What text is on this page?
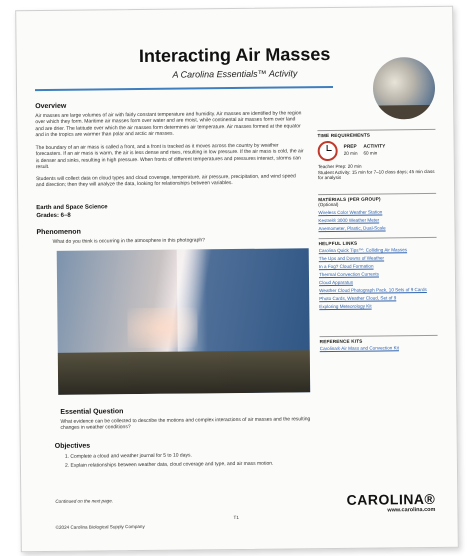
Interacting Air Masses
A Carolina Essentials™ Activity
Overview
Air masses are large volumes of air with fairly constant temperature and humidity. Air masses are identified by the region over which they form. Maritime air masses form over water and are moist, while continental air masses form over land and are drier. The latitude over which the air masses form determines air temperature. Air masses formed at the equator and in the tropics are warmer than polar and arctic air masses.
The boundary of an air mass is called a front, and a front is tracked as it moves across the country by weather forecasters. If an air mass is warm, the air is less dense and rises, resulting in low pressure. If the air mass is cold, the air is denser and sinks, resulting in high pressure. When fronts of different temperatures and pressures interact, storms can result.
Students will collect data on cloud types and cloud coverage, temperature, air pressure, precipitation, and wind speed and direction; then they will analyze the data, looking for relationships between variables.
Earth and Space Science
Grades: 6–8
Phenomenon
What do you think is occurring in the atmosphere in this photograph?
Essential Question
What evidence can be collected to describe the motions and complex interactions of air masses and the resulting changes in weather conditions?
Objectives
1. Complete a cloud and weather journal for 5 to 10 days.
2. Explain relationships between weather data, cloud coverage and type, and air mass motion.
TIME REQUIREMENTS
PREP
20 min
ACTIVITY
60 min
Teacher Prep: 20 min
Student Activity: 15 min for 7–10 class days; 45 min class for analysis
MATERIALS (PER GROUP)
(Optional)
Wireless Color Weather Station
Kestrel® 3000 Weather Meter
Anemometer, Plastic, Dual-Scale
HELPFUL LINKS
Carolina Quick Tips™: Colliding Air Masses
The Ups and Downs of Weather
In a Fog? Cloud Formation
Thermal Convection Currents
Cloud Apparatus
Weather Cloud Photograph Pack, 10 Sets of 9 Cards
Photo Cards, Weather Cloud, Set of 9
Exploring Meteorology Kit
REFERENCE KITS
Carolina® Air Mass and Convection Kit
Continued on the next page.
©2024 Carolina Biological Supply Company
T1
CAROLINA®
www.carolina.com
